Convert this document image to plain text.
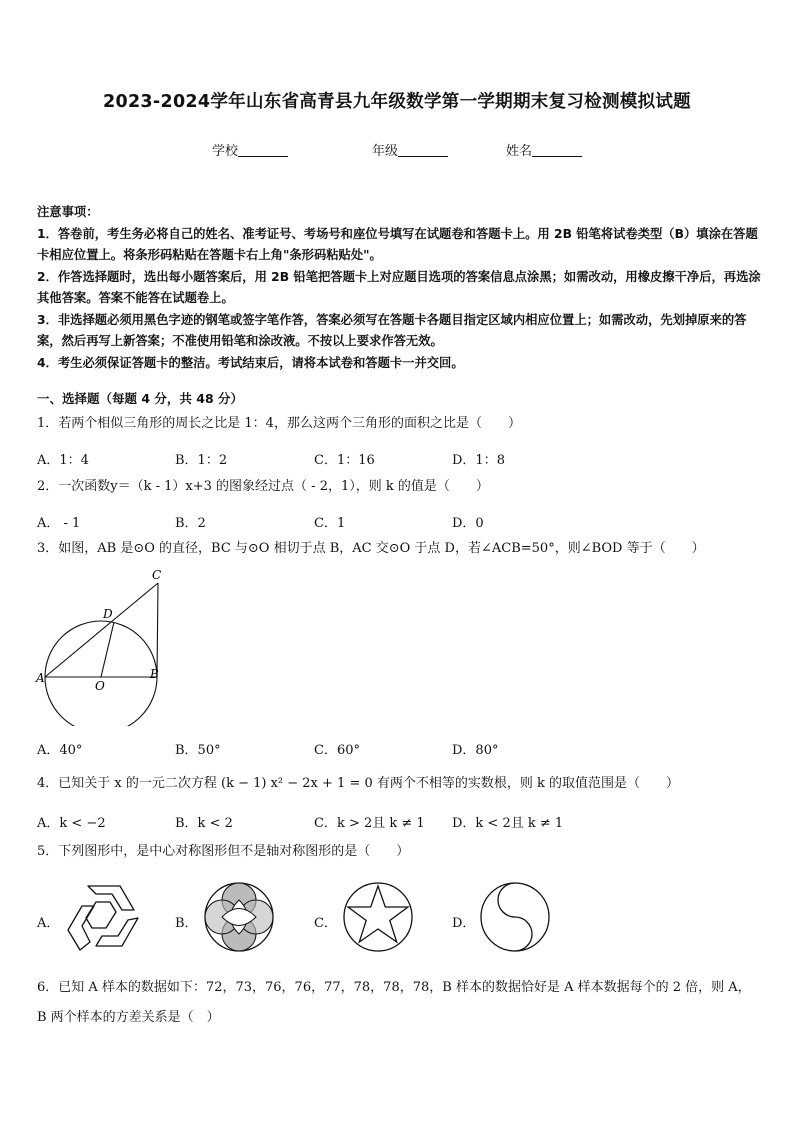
2023-2024学年山东省高青县九年级数学第一学期期末复习检测模拟试题
学校	年级	姓名
注意事项：
1．答卷前，考生务必将自己的姓名、准考证号、考场号和座位号填写在试题卷和答题卡上。用 2B 铅笔将试卷类型（B）填涂在答题卡相应位置上。将条形码粘贴在答题卡右上角"条形码粘贴处"。
2．作答选择题时，选出每小题答案后，用 2B 铅笔把答题卡上对应题目选项的答案信息点涂黑；如需改动，用橡皮擦干净后，再选涂其他答案。答案不能答在试题卷上。
3．非选择题必须用黑色字迹的钢笔或签字笔作答，答案必须写在答题卡各题目指定区域内相应位置上；如需改动，先划掉原来的答案，然后再写上新答案；不准使用铅笔和涂改液。不按以上要求作答无效。
4．考生必须保证答题卡的整洁。考试结束后，请将本试卷和答题卡一并交回。
一、选择题（每题 4 分，共 48 分）
1．若两个相似三角形的周长之比是 1：4，那么这两个三角形的面积之比是（　　）
A．1：4	B．1：2	C．1：16	D．1：8
2．一次函数y＝（k - 1）x+3 的图象经过点（ - 2，1），则 k 的值是（　　）
A． - 1	B．2	C．1	D．0
3．如图，AB 是⊙O 的直径，BC 与⊙O 相切于点 B，AC 交⊙O 于点 D，若∠ACB=50°，则∠BOD 等于（　　）
C
D
A	B
O
A．40°	B．50°	C．60°	D．80°
4．已知关于 x 的一元二次方程 (k − 1) x² − 2x + 1 = 0 有两个不相等的实数根，则 k 的取值范围是（　　）
A．k < −2	B．k < 2	C．k > 2且 k ≠ 1 D．k < 2且 k ≠ 1
5．下列图形中，是中心对称图形但不是轴对称图形的是（　　）
A．	B．	C．	D．
6．已知 A 样本的数据如下：72，73，76，76，77，78，78，78，B 样本的数据恰好是 A 样本数据每个的 2 倍，则 A，
B 两个样本的方差关系是（　）
